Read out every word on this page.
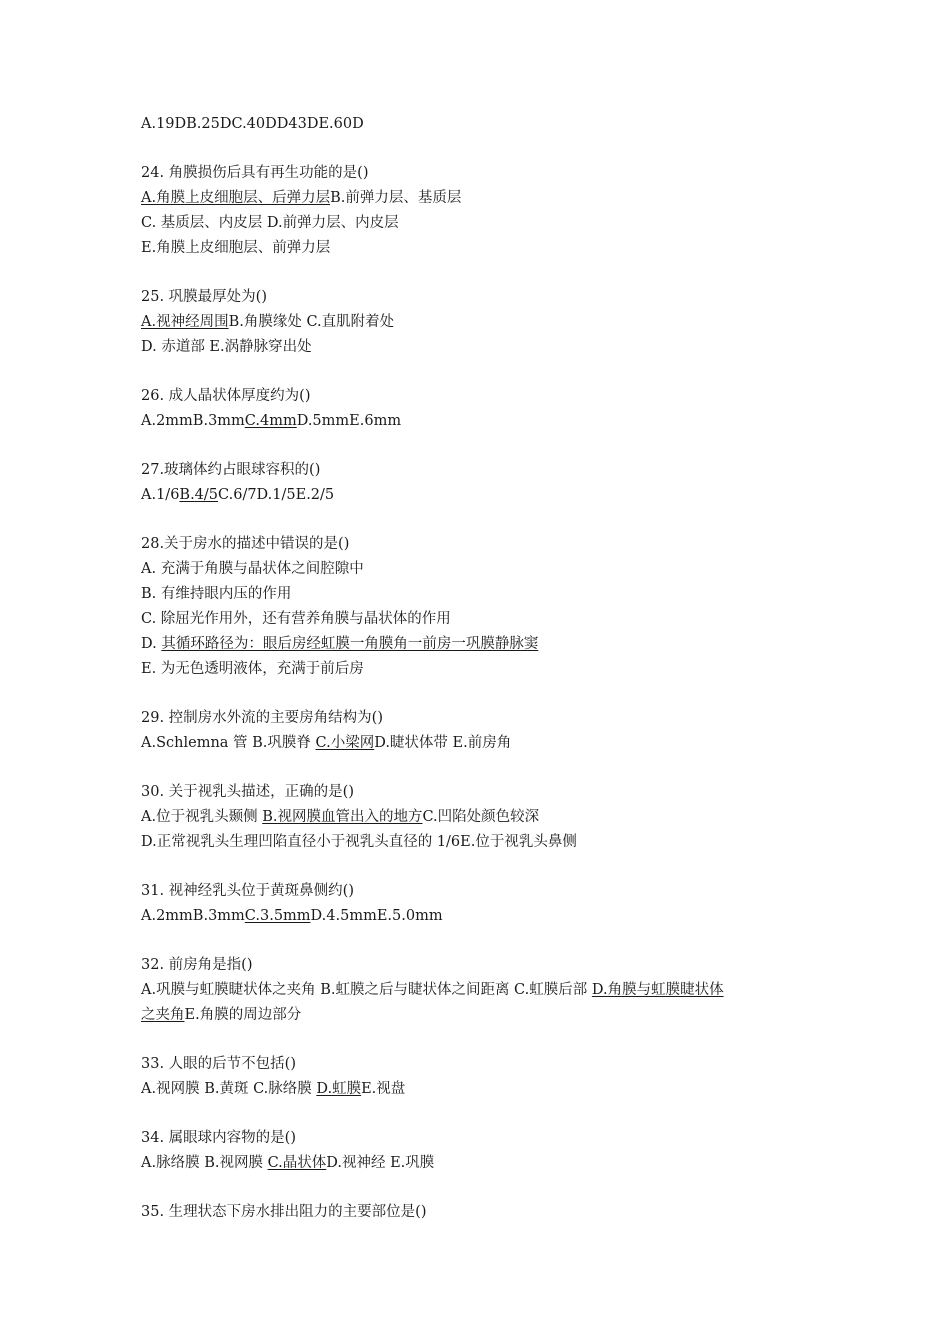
A.19DB.25DC.40DD43DE.60D
24. 角膜损伤后具有再生功能的是()
A.角膜上皮细胞层、后弹力层B.前弹力层、基质层
C. 基质层、内皮层 D.前弹力层、内皮层
E.角膜上皮细胞层、前弹力层
25. 巩膜最厚处为()
A.视神经周围B.角膜缘处 C.直肌附着处
D. 赤道部 E.涡静脉穿出处
26. 成人晶状体厚度约为()
A.2mmB.3mmC.4mmD.5mmE.6mm
27.玻璃体约占眼球容积的()
A.1/6B.4/5C.6/7D.1/5E.2/5
28.关于房水的描述中错误的是()
A. 充满于角膜与晶状体之间腔隙中
B. 有维持眼内压的作用
C. 除屈光作用外，还有营养角膜与晶状体的作用
D. 其循环路径为：眼后房经虹膜一角膜角一前房一巩膜静脉窦
E. 为无色透明液体，充满于前后房
29. 控制房水外流的主要房角结构为()
A.Schlemna 管 B.巩膜脊 C.小梁网D.睫状体带 E.前房角
30. 关于视乳头描述，正确的是()
A.位于视乳头颞侧 B.视网膜血管出入的地方C.凹陷处颜色较深
D.正常视乳头生理凹陷直径小于视乳头直径的 1/6E.位于视乳头鼻侧
31. 视神经乳头位于黄斑鼻侧约()
A.2mmB.3mmC.3.5mmD.4.5mmE.5.0mm
32. 前房角是指()
A.巩膜与虹膜睫状体之夹角 B.虹膜之后与睫状体之间距离 C.虹膜后部 D.角膜与虹膜睫状体
之夹角E.角膜的周边部分
33. 人眼的后节不包括()
A.视网膜 B.黄斑 C.脉络膜 D.虹膜E.视盘
34. 属眼球内容物的是()
A.脉络膜 B.视网膜 C.晶状体D.视神经 E.巩膜
35. 生理状态下房水排出阻力的主要部位是()
